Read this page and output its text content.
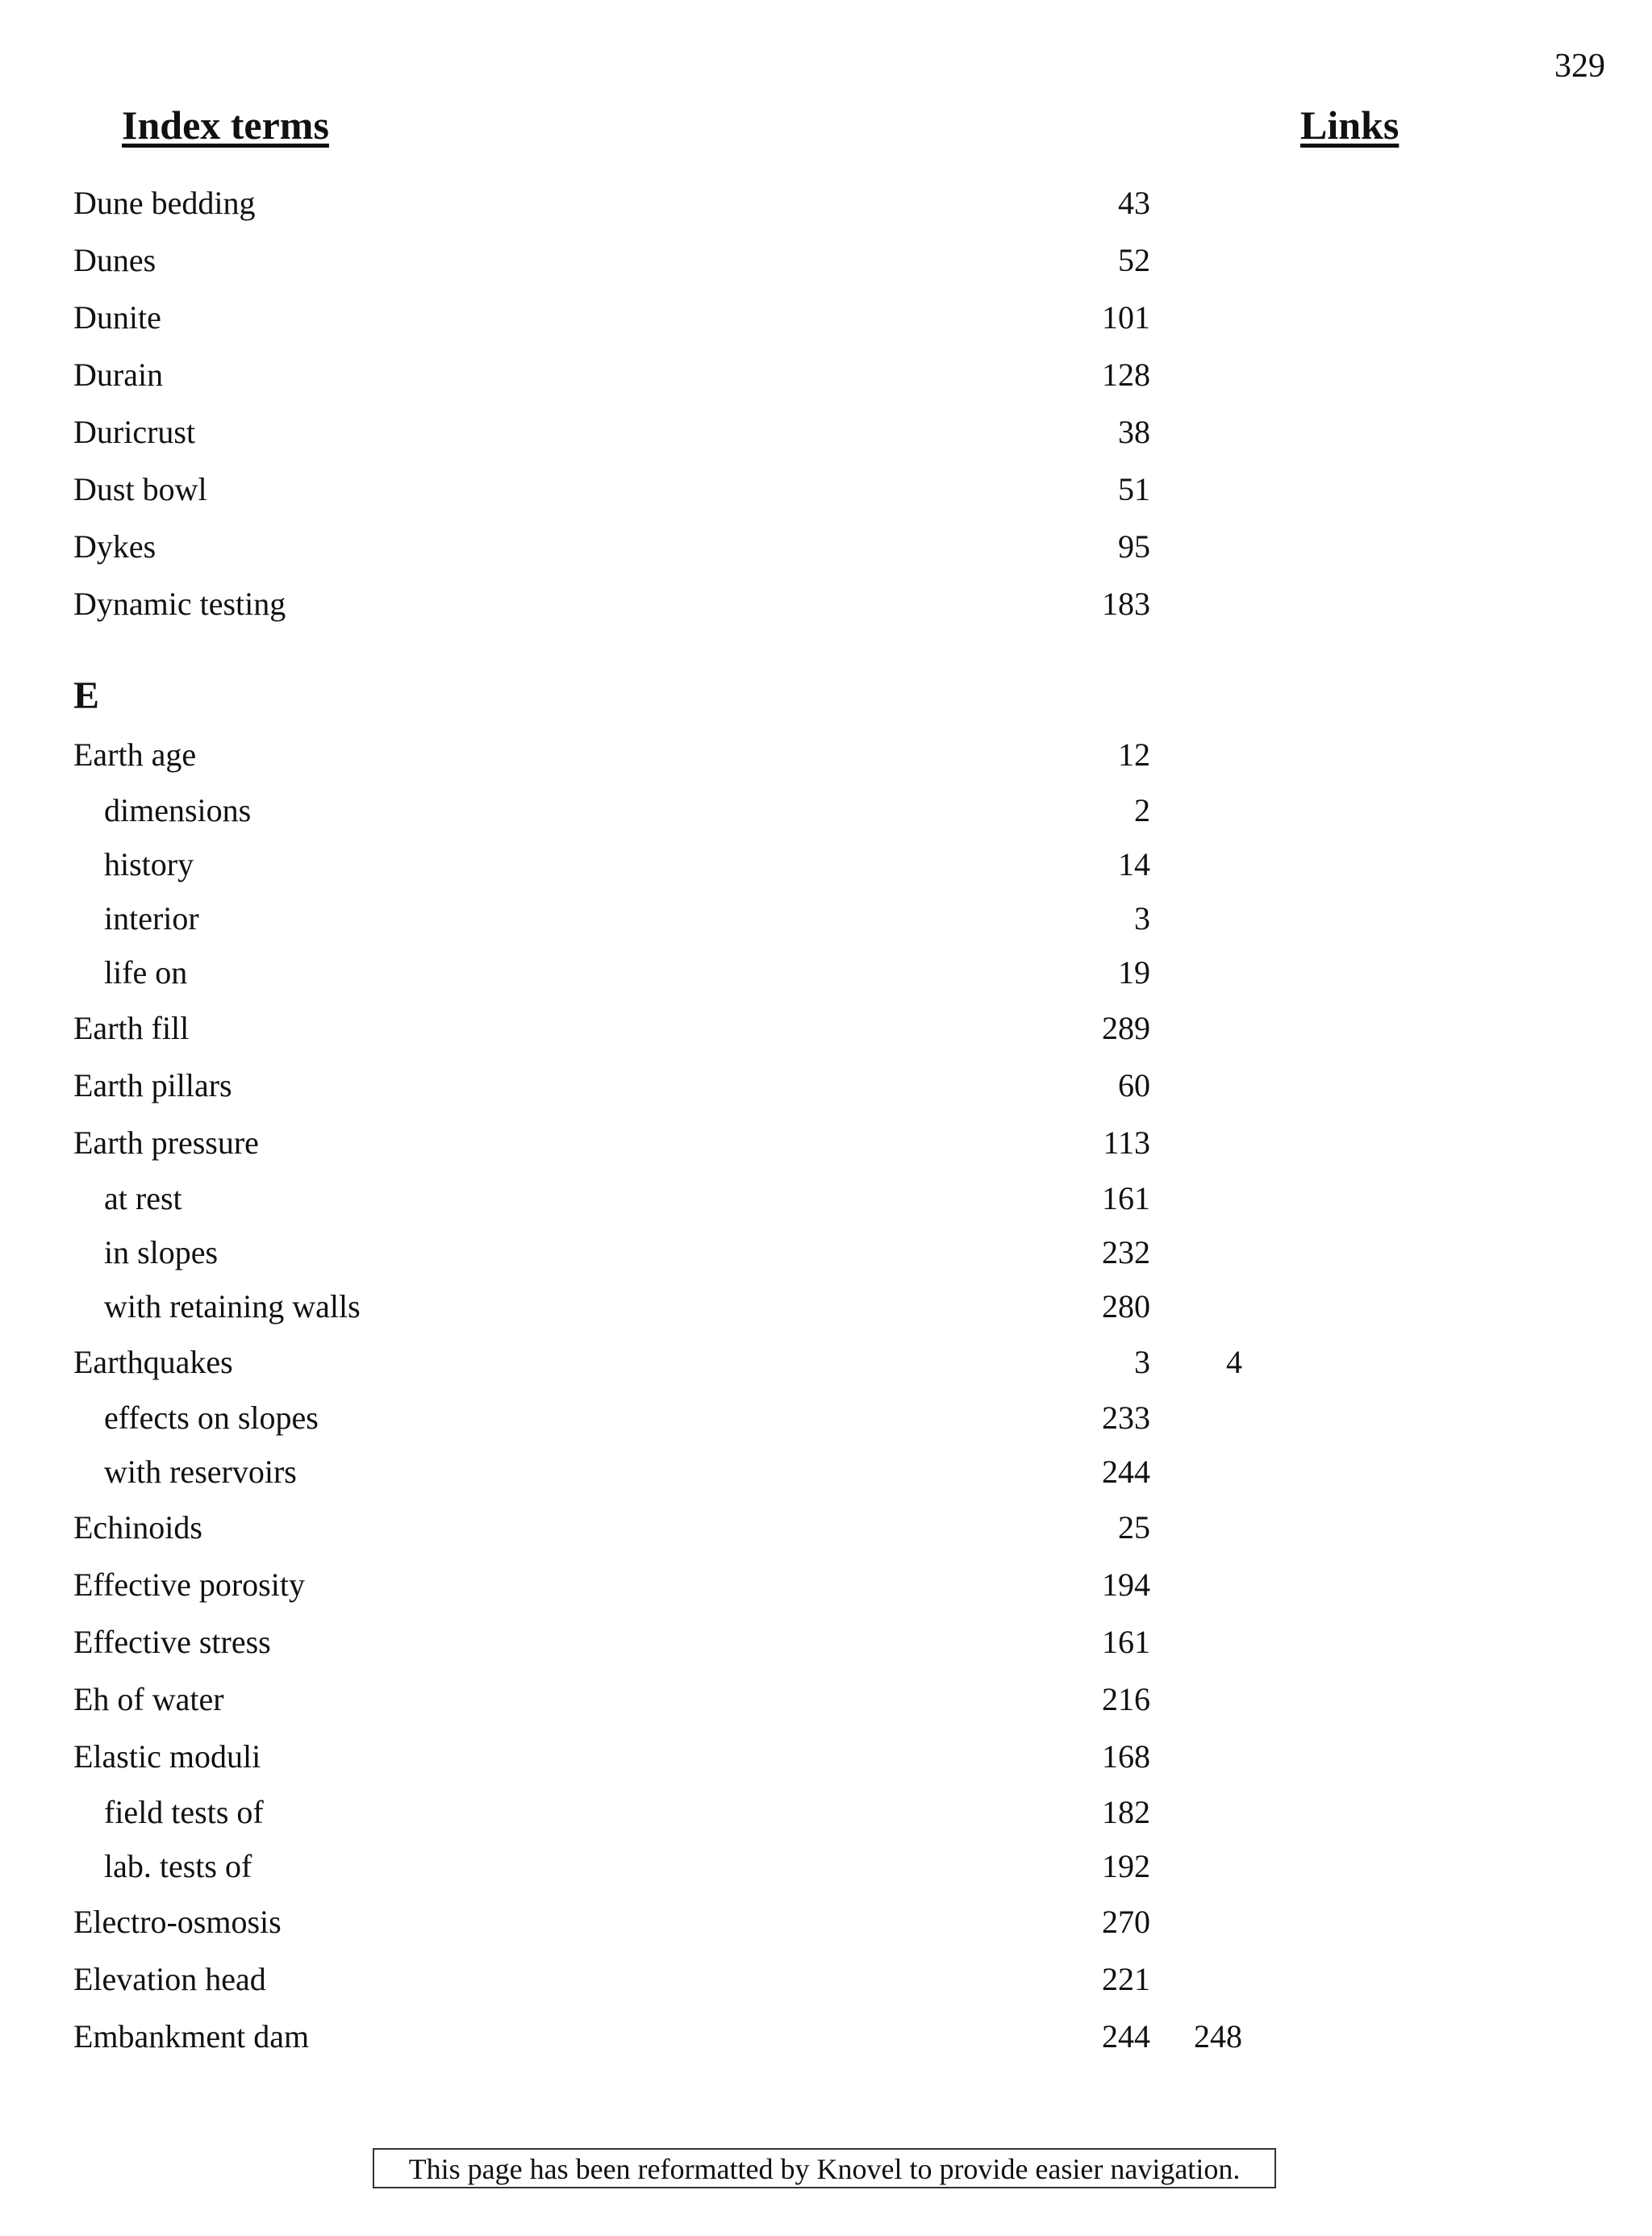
329
Index terms	Links
Dune bedding	43
Dunes	52
Dunite	101
Durain	128
Duricrust	38
Dust bowl	51
Dykes	95
Dynamic testing	183
E
Earth age	12
dimensions	2
history	14
interior	3
life on	19
Earth fill	289
Earth pillars	60
Earth pressure	113
at rest	161
in slopes	232
with retaining walls	280
Earthquakes	3 4
effects on slopes	233
with reservoirs	244
Echinoids	25
Effective porosity	194
Effective stress	161
Eh of water	216
Elastic moduli	168
field tests of	182
lab. tests of	192
Electro-osmosis	270
Elevation head	221
Embankment dam	244 248
This page has been reformatted by Knovel to provide easier navigation.
